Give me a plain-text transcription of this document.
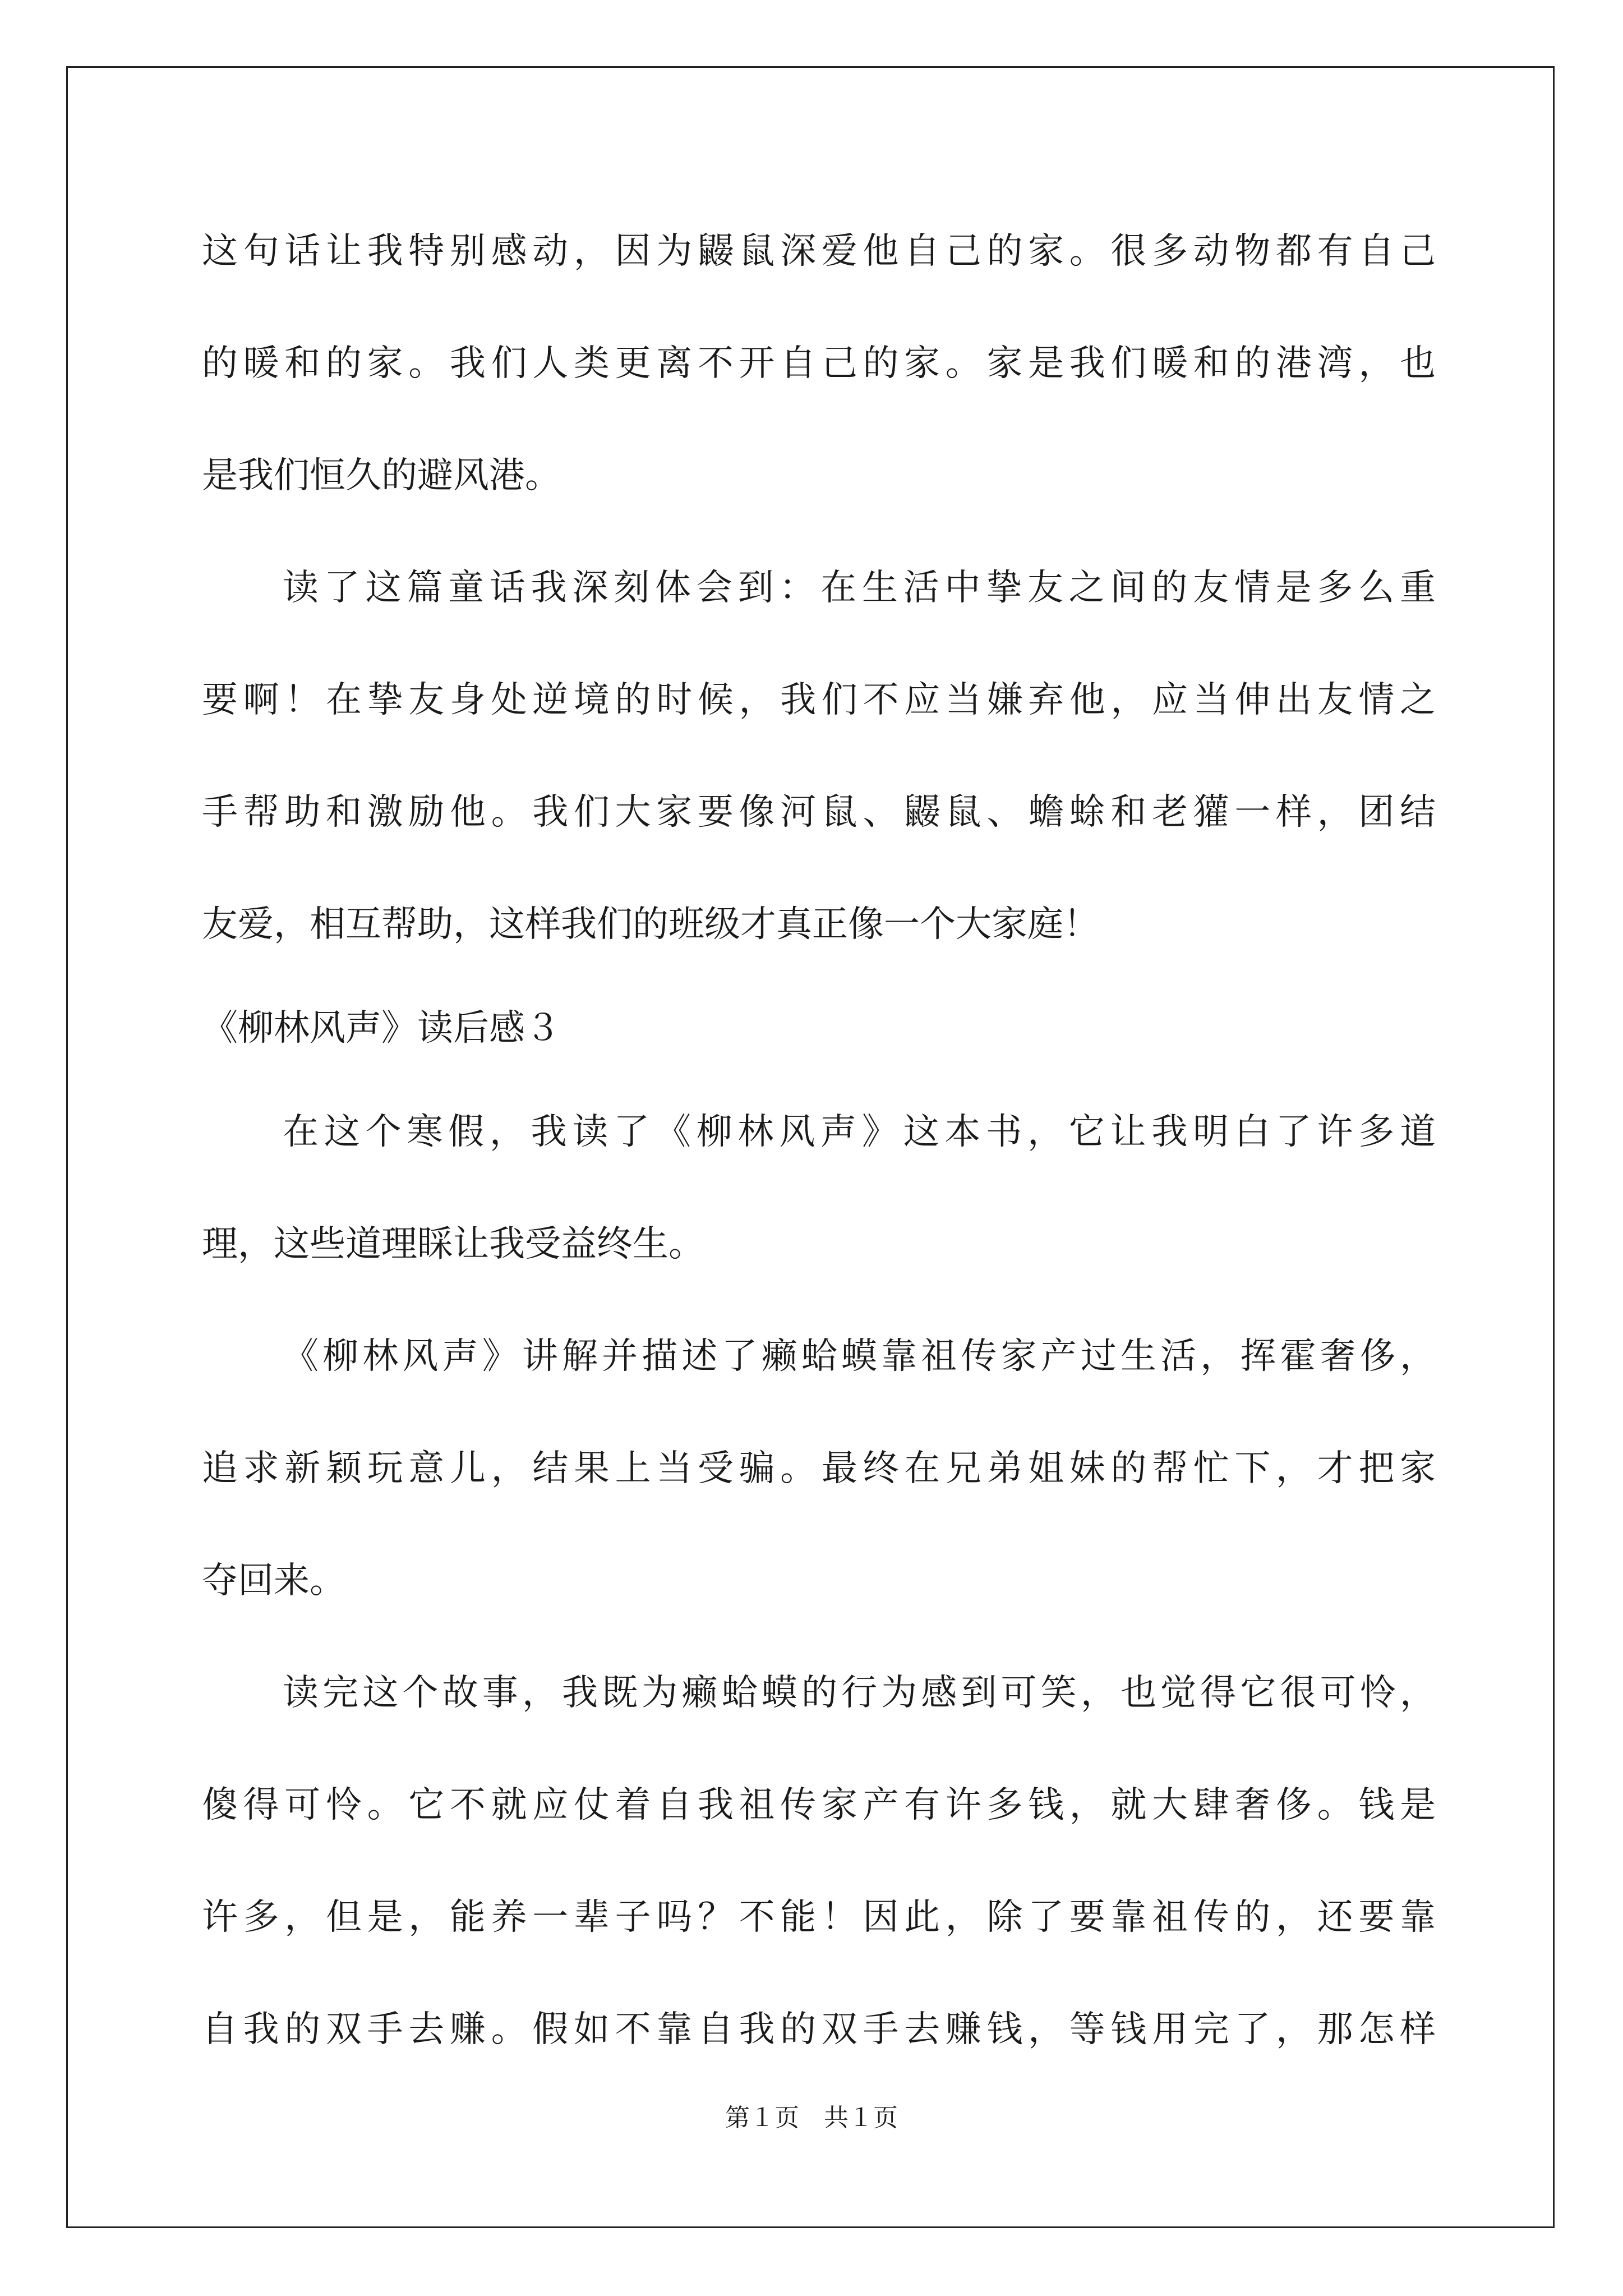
这句话让我特别感动，因为鼹鼠深爱他自己的家。很多动物都有自己
的暖和的家。我们人类更离不开自己的家。家是我们暖和的港湾，也
是我们恒久的避风港。
读了这篇童话我深刻体会到：在生活中挚友之间的友情是多么重
要啊！在挚友身处逆境的时候，我们不应当嫌弃他，应当伸出友情之
手帮助和激励他。我们大家要像河鼠、鼹鼠、蟾蜍和老獾一样，团结
友爱，相互帮助，这样我们的班级才真正像一个大家庭！
《柳林风声》读后感３
在这个寒假，我读了《柳林风声》这本书，它让我明白了许多道
理，这些道理睬让我受益终生。
《柳林风声》讲解并描述了癞蛤蟆靠祖传家产过生活，挥霍奢侈，
追求新颖玩意儿，结果上当受骗。最终在兄弟姐妹的帮忙下，才把家
夺回来。
读完这个故事，我既为癞蛤蟆的行为感到可笑，也觉得它很可怜，
傻得可怜。它不就应仗着自我祖传家产有许多钱，就大肆奢侈。钱是
许多，但是，能养一辈子吗？不能！因此，除了要靠祖传的，还要靠
自我的双手去赚。假如不靠自我的双手去赚钱，等钱用完了，那怎样
第１页　共１页
